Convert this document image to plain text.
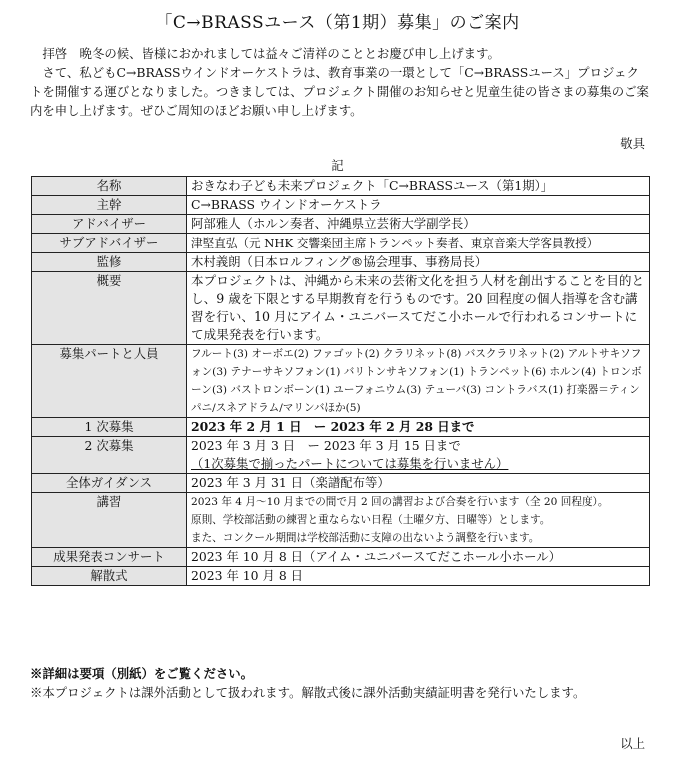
「C→BRASSユース（第1期）募集」のご案内

拝啓　晩冬の候、皆様におかれましては益々ご清祥のこととお慶び申し上げます。

さて、私どもC→BRASSウインドオーケストラは、教育事業の一環として「C→BRASSユース」プロジェクトを開催する運びとなりました。つきましては、プロジェクト開催のお知らせと児童生徒の皆さまの募集のご案内を申し上げます。ぜひご周知のほどお願い申し上げます。

敬具
記
名称	おきなわ子ども未来プロジェクト「C→BRASSユース（第1期）」
主幹	C→BRASS ウインドオーケストラ
アドバイザー	阿部雅人（ホルン奏者、沖縄県立芸術大学副学長）
サブアドバイザー	津堅直弘（元 NHK 交響楽団主席トランペット奏者、東京音楽大学客員教授）
監修	木村義朗（日本ロルフィング®協会理事、事務局長）
概要	本プロジェクトは、沖縄から未来の芸術文化を担う人材を創出することを目的とし、9 歳を下限とする早期教育を行うものです。20 回程度の個人指導を含む講習を行い、10 月にアイム・ユニバースてだこ小ホールで行われるコンサートにて成果発表を行います。
募集パートと人員	フルート(3) オーボエ(2) ファゴット(2) クラリネット(8) バスクラリネット(2) アルトサキソフォン(3) テナーサキソフォン(1) バリトンサキソフォン(1) トランペット(6) ホルン(4) トロンボーン(3) バストロンボーン(1) ユーフォニウム(3) テューバ(3) コントラバス(1) 打楽器＝ティンパニ/スネアドラム/マリンバほか(5)
1 次募集	2023 年 2 月 1 日　ー 2023 年 2 月 28 日まで
2 次募集	2023 年 3 月 3 日　ー 2023 年 3 月 15 日まで
（1次募集で揃ったパートについては募集を行いません）

全体ガイダンス	2023 年 3 月 31 日（楽譜配布等）
講習	2023 年 4 月～10 月までの間で月 2 回の講習および合奏を行います（全 20 回程度）。
原則、学校部活動の練習と重ならない日程（土曜夕方、日曜等）とします。
また、コンクール期間は学校部活動に支障の出ないよう調整を行います。

成果発表コンサート	2023 年 10 月 8 日（アイム・ユニバースてだこホール小ホール）
解散式	2023 年 10 月 8 日

※詳細は要項（別紙）をご覧ください。

※本プロジェクトは課外活動として扱われます。解散式後に課外活動実績証明書を発行いたします。

以上
